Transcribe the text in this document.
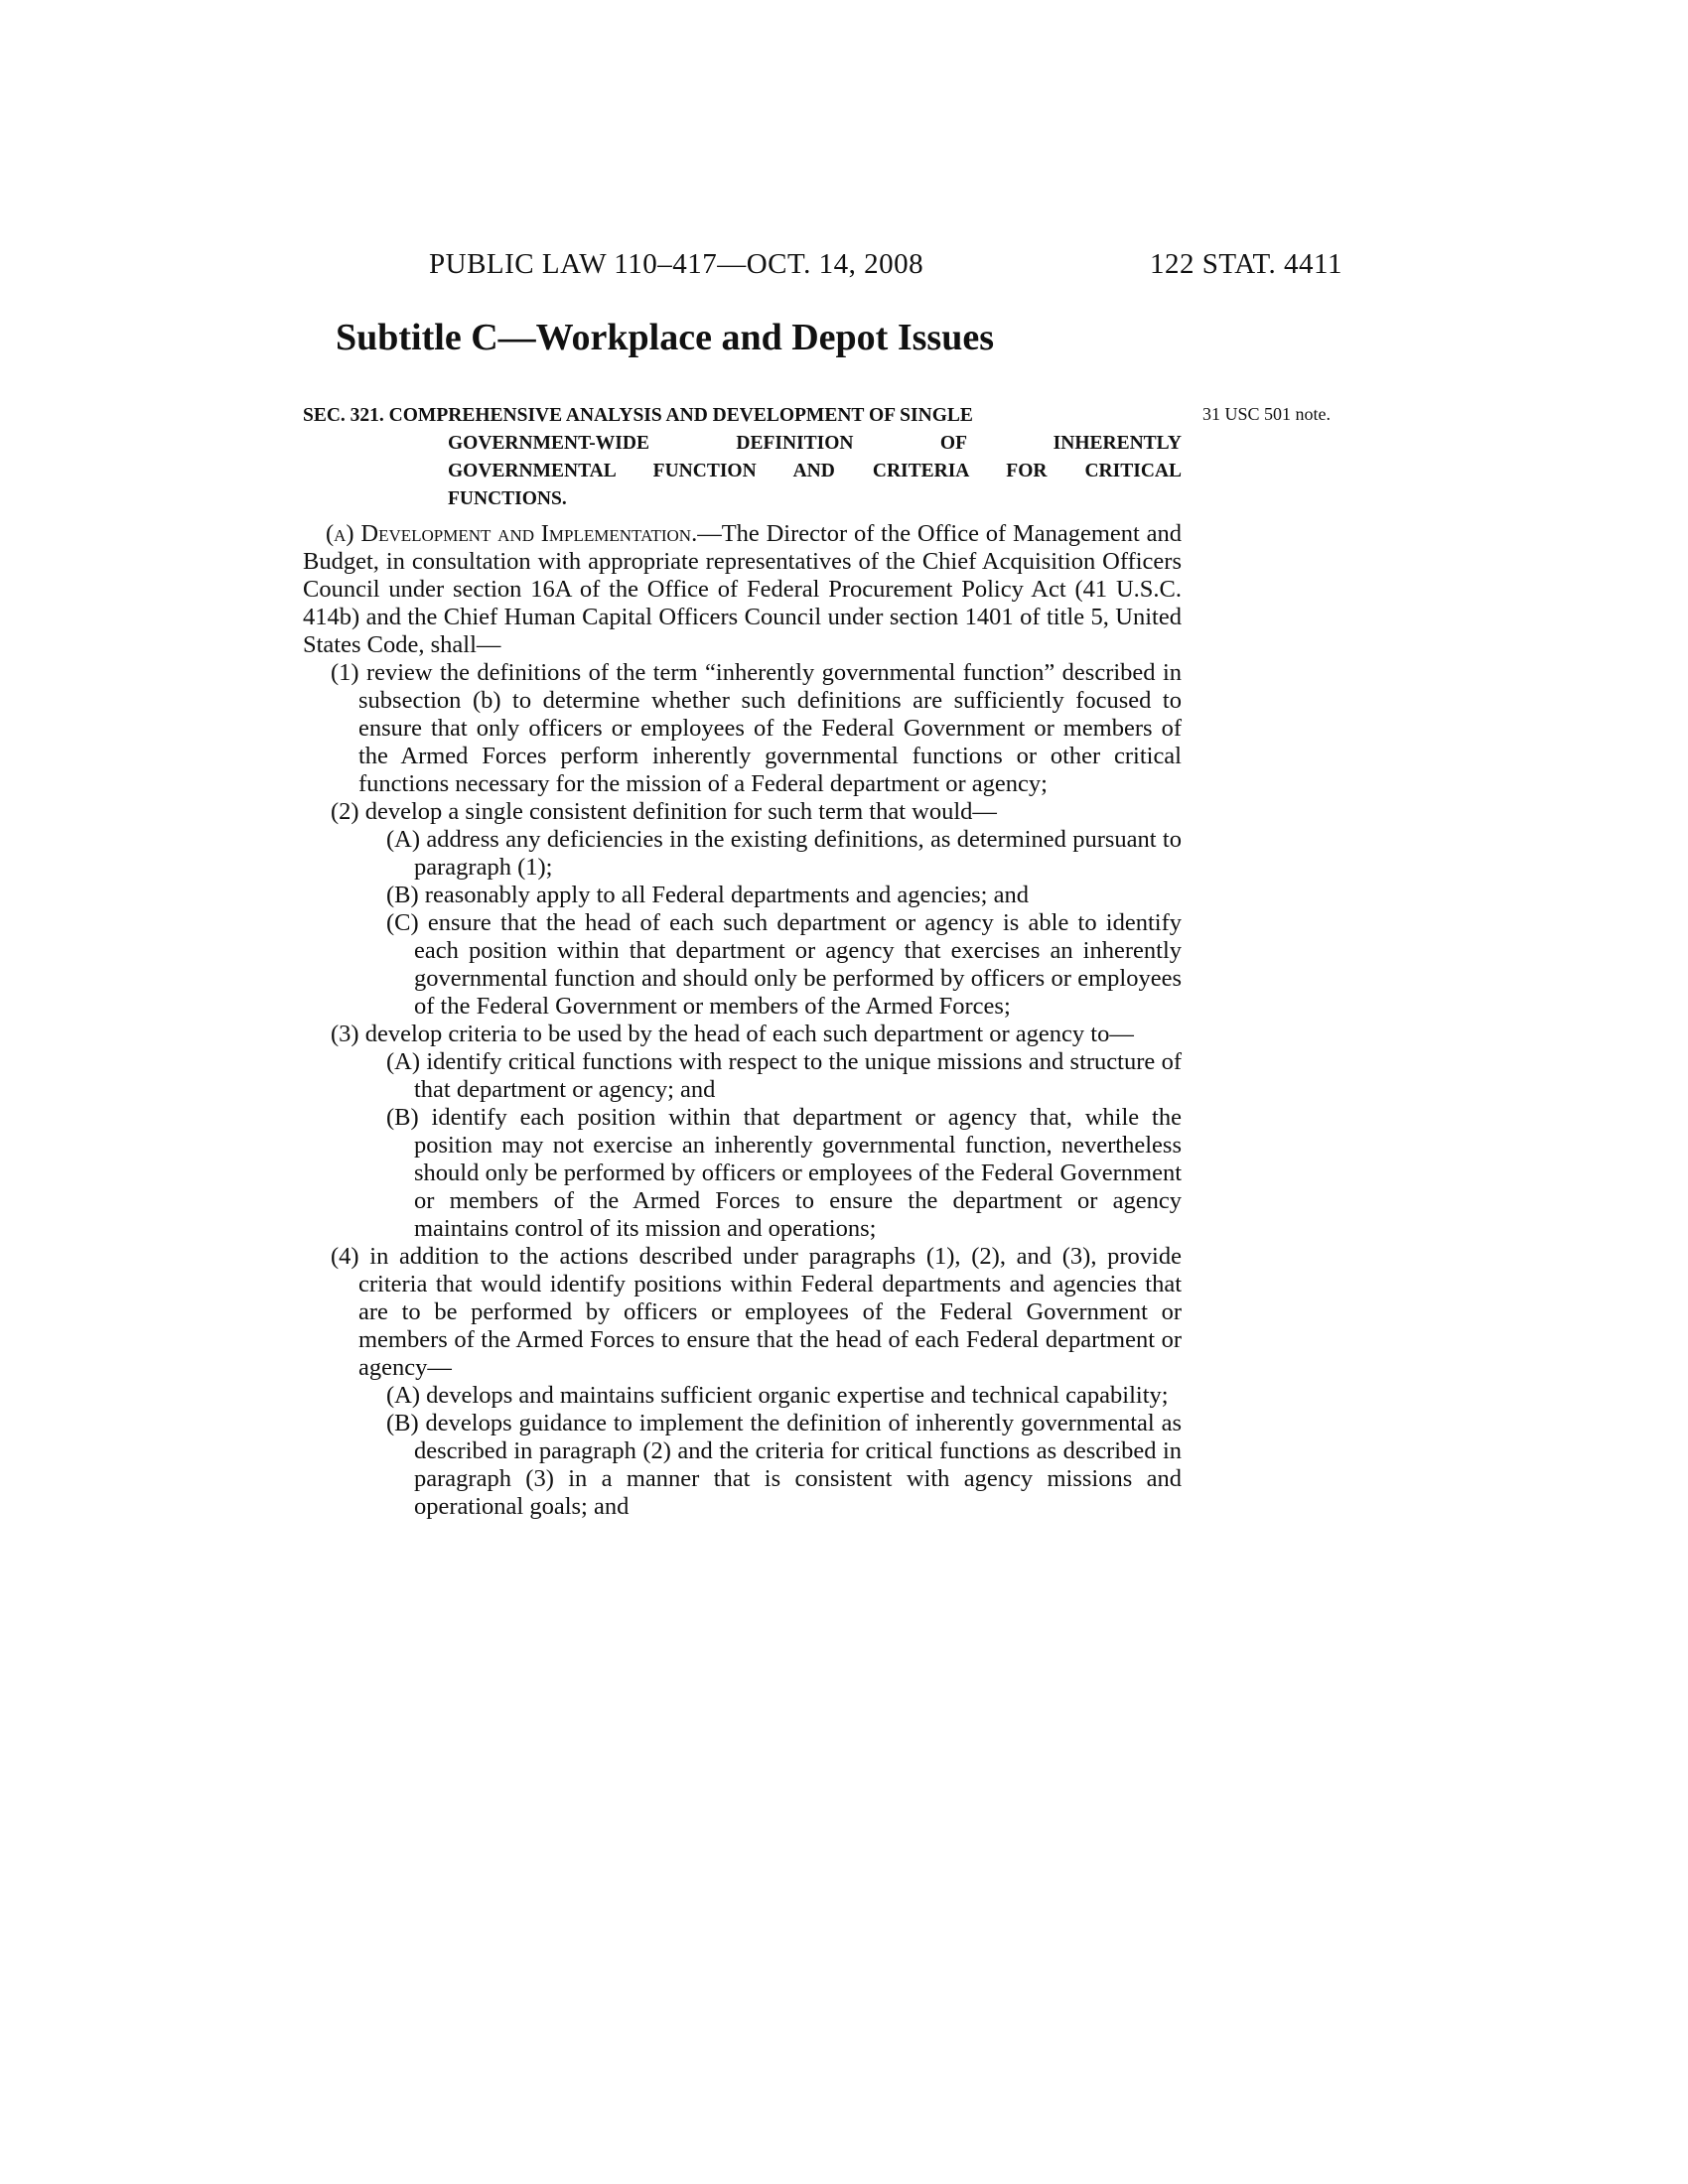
PUBLIC LAW 110–417—OCT. 14, 2008	122 STAT. 4411
Subtitle C—Workplace and Depot Issues
31 USC 501 note.
SEC. 321. COMPREHENSIVE ANALYSIS AND DEVELOPMENT OF SINGLE
GOVERNMENT-WIDE DEFINITION OF INHERENTLY
GOVERNMENTAL FUNCTION AND CRITERIA FOR CRITICAL
FUNCTIONS.

(a) Development and Implementation.—The Director of the Office of Management and Budget, in consultation with appropriate representatives of the Chief Acquisition Officers Council under section 16A of the Office of Federal Procurement Policy Act (41 U.S.C. 414b) and the Chief Human Capital Officers Council under section 1401 of title 5, United States Code, shall—

(1) review the definitions of the term “inherently governmental function” described in subsection (b) to determine whether such definitions are sufficiently focused to ensure that only officers or employees of the Federal Government or members of the Armed Forces perform inherently governmental functions or other critical functions necessary for the mission of a Federal department or agency;

(2) develop a single consistent definition for such term that would—

(A) address any deficiencies in the existing definitions, as determined pursuant to paragraph (1);

(B) reasonably apply to all Federal departments and agencies; and

(C) ensure that the head of each such department or agency is able to identify each position within that department or agency that exercises an inherently governmental function and should only be performed by officers or employees of the Federal Government or members of the Armed Forces;

(3) develop criteria to be used by the head of each such department or agency to—

(A) identify critical functions with respect to the unique missions and structure of that department or agency; and

(B) identify each position within that department or agency that, while the position may not exercise an inherently governmental function, nevertheless should only be performed by officers or employees of the Federal Government or members of the Armed Forces to ensure the department or agency maintains control of its mission and operations;

(4) in addition to the actions described under paragraphs (1), (2), and (3), provide criteria that would identify positions within Federal departments and agencies that are to be performed by officers or employees of the Federal Government or members of the Armed Forces to ensure that the head of each Federal department or agency—

(A) develops and maintains sufficient organic expertise and technical capability;

(B) develops guidance to implement the definition of inherently governmental as described in paragraph (2) and the criteria for critical functions as described in paragraph (3) in a manner that is consistent with agency missions and operational goals; and
